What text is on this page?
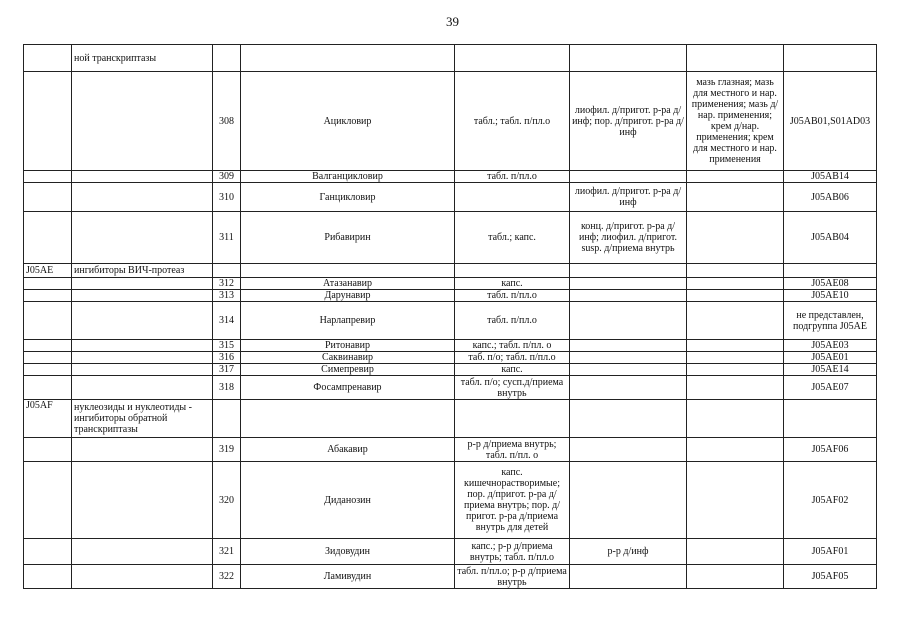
39
	ной транскриптазы						
		308	Ацикловир	табл.; табл. п/пл.о	лиофил. д/пригот. р-ра д/инф; пор. д/пригот. р-ра д/инф	мазь глазная; мазь для местного и нар. применения; мазь д/нар. применения; крем д/нар. применения; крем для местного и нар. применения	J05AB01,S01AD03
		309	Валганцикловир	табл. п/пл.о			J05AB14
		310	Ганцикловир		лиофил. д/пригот. р-ра д/инф		J05AB06
		311	Рибавирин	табл.; капс.	конц. д/пригот. р-ра д/инф; лиофил. д/пригот. susp. д/приема внутрь		J05AB04
J05AE	ингибиторы ВИЧ-протеаз						
		312	Атазанавир	капс.			J05AE08
		313	Дарунавир	табл. п/пл.о			J05AE10
		314	Нарлапревир	табл. п/пл.о			не представлен, подгруппа J05AE
		315	Ритонавир	капс.; табл. п/пл. о			J05AE03
		316	Саквинавир	таб. п/о; табл. п/пл.о			J05AE01
		317	Симепревир	капс.			J05AE14
		318	Фосампренавир	табл. п/о; сусп.д/приема внутрь			J05AE07
J05AF	нуклеозиды и нуклеотиды - ингибиторы обратной транскриптазы						
		319	Абакавир	р-р д/приема внутрь; табл. п/пл. о			J05AF06
		320	Диданозин	капс. кишечнорастворимые; пор. д/пригот. р-ра д/приема внутрь; пор. д/пригот. р-ра д/приема внутрь для детей			J05AF02
		321	Зидовудин	капс.; р-р д/приема внутрь; табл. п/пл.о	р-р д/инф		J05AF01
		322	Ламивудин	табл. п/пл.о; р-р д/приема внутрь			J05AF05
